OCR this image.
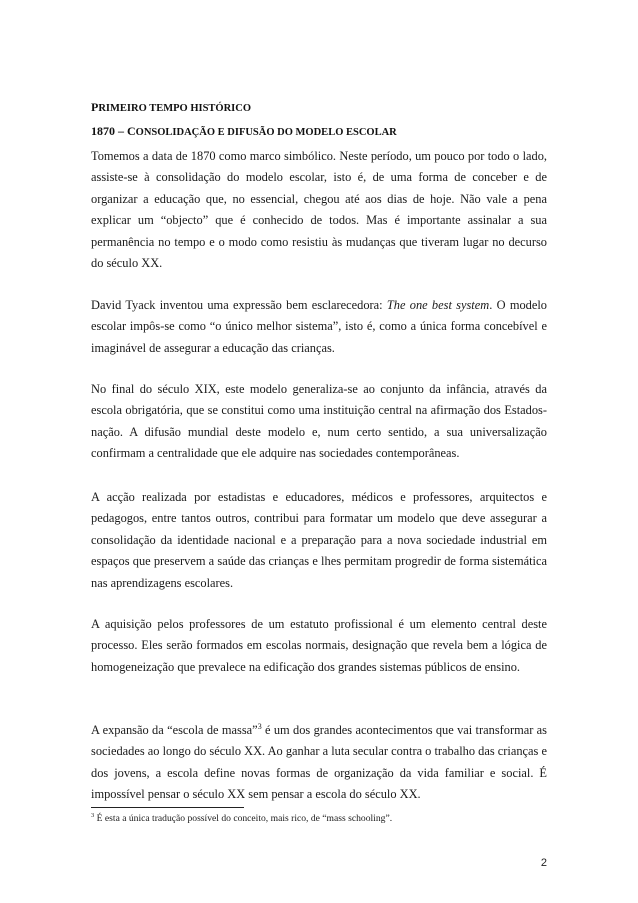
PRIMEIRO TEMPO HISTÓRICO
1870 – CONSOLIDAÇÃO E DIFUSÃO DO MODELO ESCOLAR

Tomemos a data de 1870 como marco simbólico. Neste período, um pouco por todo o lado, assiste-se à consolidação do modelo escolar, isto é, de uma forma de conceber e de organizar a educação que, no essencial, chegou até aos dias de hoje. Não vale a pena explicar um “objecto” que é conhecido de todos. Mas é importante assinalar a sua permanência no tempo e o modo como resistiu às mudanças que tiveram lugar no decurso do século XX.

David Tyack inventou uma expressão bem esclarecedora: The one best system. O modelo escolar impôs-se como “o único melhor sistema”, isto é, como a única forma concebível e imaginável de assegurar a educação das crianças.

No final do século XIX, este modelo generaliza-se ao conjunto da infância, através da escola obrigatória, que se constitui como uma instituição central na afirmação dos Estados-nação. A difusão mundial deste modelo e, num certo sentido, a sua universalização confirmam a centralidade que ele adquire nas sociedades contemporâneas.

A acção realizada por estadistas e educadores, médicos e professores, arquitectos e pedagogos, entre tantos outros, contribui para formatar um modelo que deve assegurar a consolidação da identidade nacional e a preparação para a nova sociedade industrial em espaços que preservem a saúde das crianças e lhes permitam progredir de forma sistemática nas aprendizagens escolares.

A aquisição pelos professores de um estatuto profissional é um elemento central deste processo. Eles serão formados em escolas normais, designação que revela bem a lógica de homogeneização que prevalece na edificação dos grandes sistemas públicos de ensino.

A expansão da “escola de massa”$^3$ é um dos grandes acontecimentos que vai transformar as sociedades ao longo do século XX. Ao ganhar a luta secular contra o trabalho das crianças e dos jovens, a escola define novas formas de organização da vida familiar e social. É impossível pensar o século XX sem pensar a escola do século XX.

$^3$ É esta a única tradução possível do conceito, mais rico, de “mass schooling”.

2
